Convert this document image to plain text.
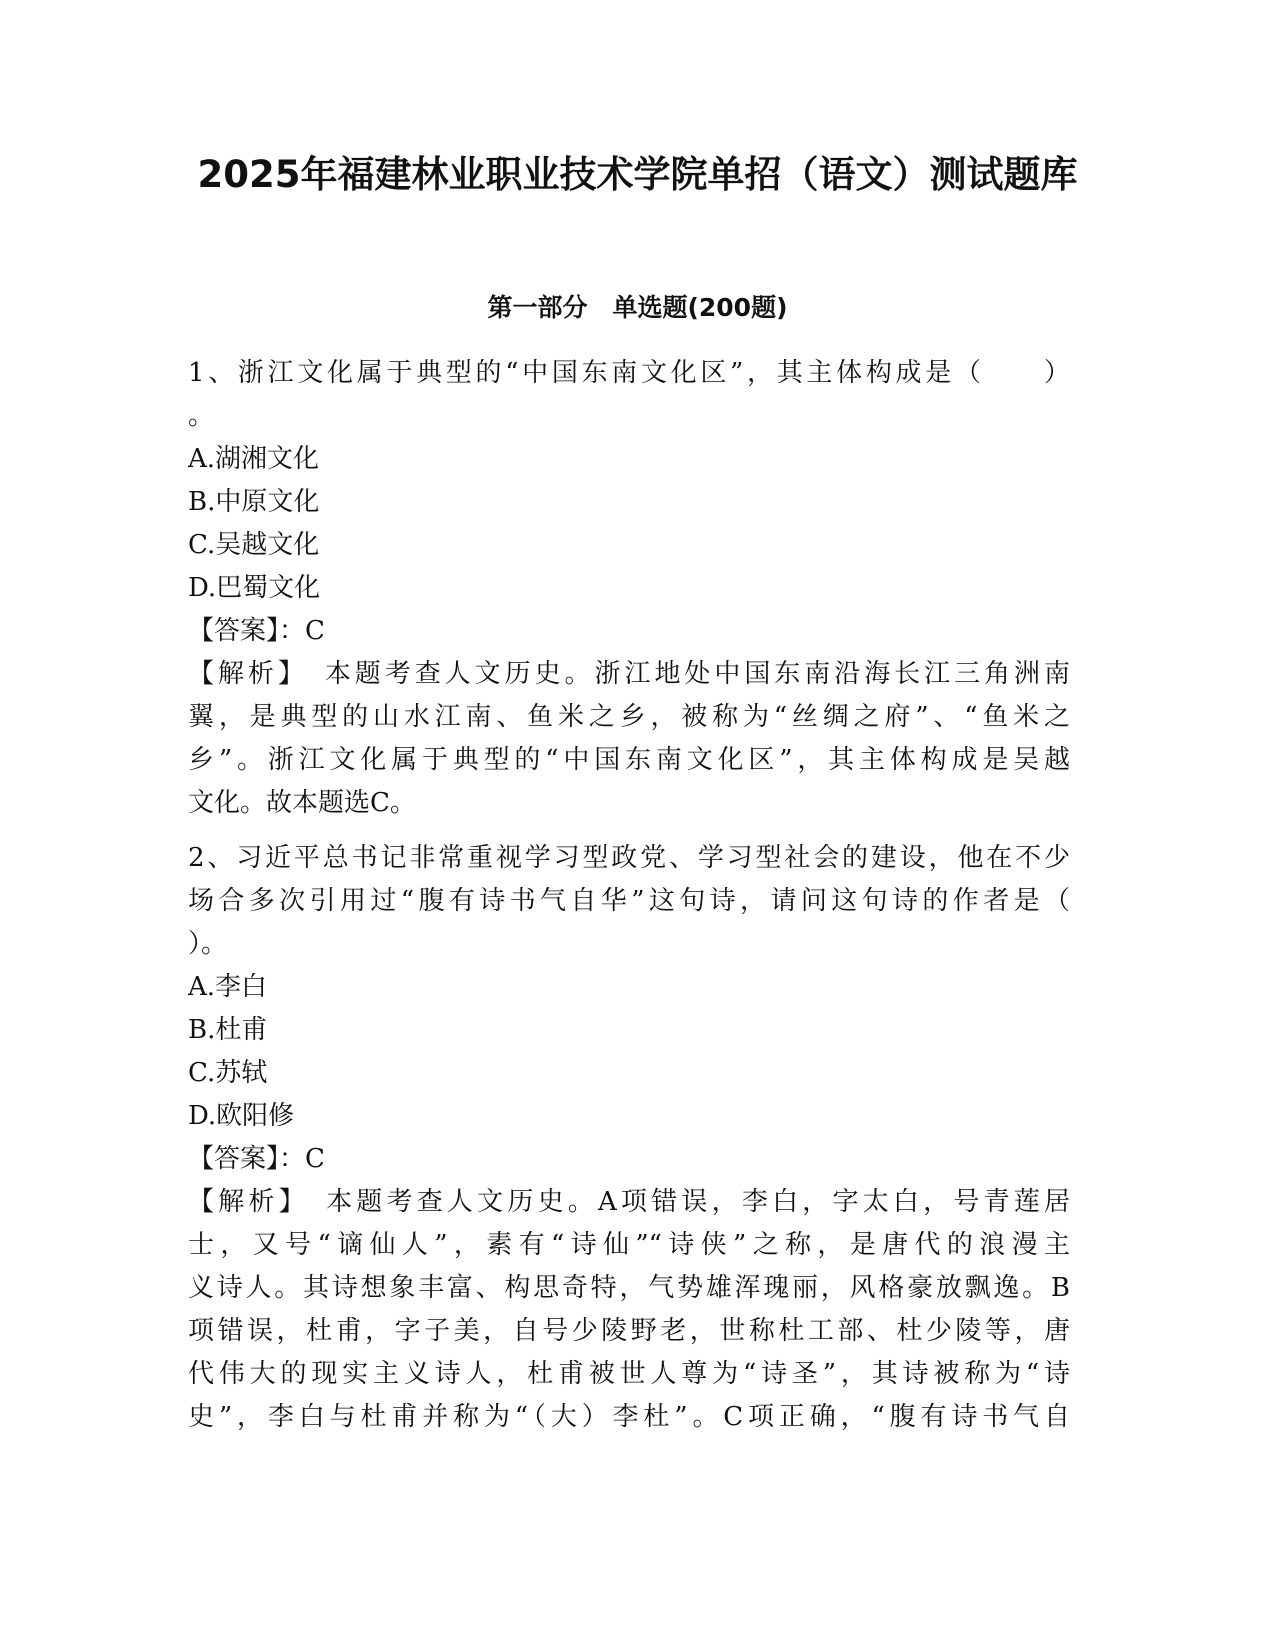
2025年福建林业职业技术学院单招（语文）测试题库
第一部分　单选题(200题)
1、浙江文化属于典型的“中国东南文化区”，其主体构成是（　　）
。
A.湖湘文化
B.中原文化
C.吴越文化
D.巴蜀文化
【答案】：C
【解析】　本题考查人文历史。浙江地处中国东南沿海长江三角洲南
翼，是典型的山水江南、鱼米之乡，被称为“丝绸之府”、“鱼米之
乡”。浙江文化属于典型的“中国东南文化区”，其主体构成是吴越
文化。故本题选C。
2、习近平总书记非常重视学习型政党、学习型社会的建设，他在不少
场合多次引用过“腹有诗书气自华”这句诗，请问这句诗的作者是（
）。
A.李白
B.杜甫
C.苏轼
D.欧阳修
【答案】：C
【解析】　本题考查人文历史。A项错误，李白，字太白，号青莲居
士，又号“谪仙人”，素有“诗仙”“诗侠”之称，是唐代的浪漫主
义诗人。其诗想象丰富、构思奇特，气势雄浑瑰丽，风格豪放飘逸。B
项错误，杜甫，字子美，自号少陵野老，世称杜工部、杜少陵等，唐
代伟大的现实主义诗人，杜甫被世人尊为“诗圣”，其诗被称为“诗
史”，李白与杜甫并称为“（大）李杜”。C项正确，“腹有诗书气自
